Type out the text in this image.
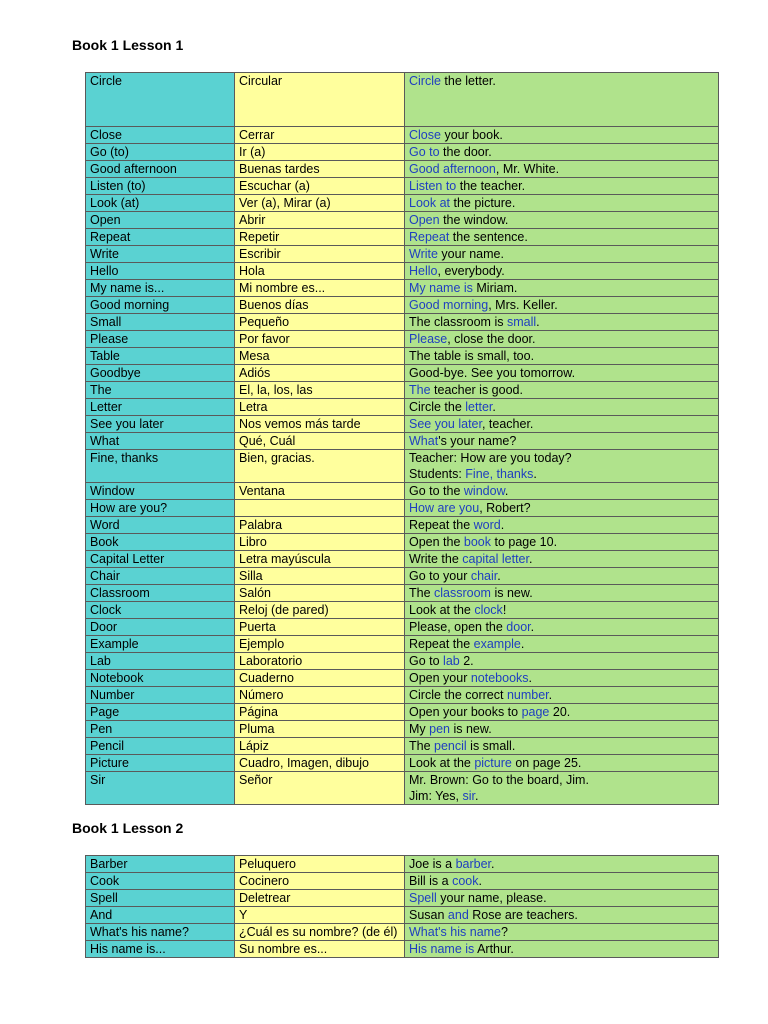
Book 1 Lesson 1
Circle	Circular	Circle the letter.
Close	Cerrar	Close your book.
Go (to)	Ir (a)	Go to the door.
Good afternoon	Buenas tardes	Good afternoon, Mr. White.
Listen (to)	Escuchar (a)	Listen to the teacher.
Look (at)	Ver (a), Mirar (a)	Look at the picture.
Open	Abrir	Open the window.
Repeat	Repetir	Repeat the sentence.
Write	Escribir	Write your name.
Hello	Hola	Hello, everybody.
My name is...	Mi nombre es...	My name is Miriam.
Good morning	Buenos días	Good morning, Mrs. Keller.
Small	Pequeño	The classroom is small.
Please	Por favor	Please, close the door.
Table	Mesa	The table is small, too.
Goodbye	Adiós	Good-bye. See you tomorrow.
The	El, la, los, las	The teacher is good.
Letter	Letra	Circle the letter.
See you later	Nos vemos más tarde	See you later, teacher.
What	Qué, Cuál	What's your name?
Fine, thanks	Bien, gracias.	Teacher: How are you today?
Students: Fine, thanks.
Window	Ventana	Go to the window.
How are you?		How are you, Robert?
Word	Palabra	Repeat the word.
Book	Libro	Open the book to page 10.
Capital Letter	Letra mayúscula	Write the capital letter.
Chair	Silla	Go to your chair.
Classroom	Salón	The classroom is new.
Clock	Reloj (de pared)	Look at the clock!
Door	Puerta	Please, open the door.
Example	Ejemplo	Repeat the example.
Lab	Laboratorio	Go to lab 2.
Notebook	Cuaderno	Open your notebooks.
Number	Número	Circle the correct number.
Page	Página	Open your books to page 20.
Pen	Pluma	My pen is new.
Pencil	Lápiz	The pencil is small.
Picture	Cuadro, Imagen, dibujo	Look at the picture on page 25.
Sir	Señor	Mr. Brown: Go to the board, Jim.
Jim: Yes, sir.
Book 1 Lesson 2
Barber	Peluquero	Joe is a barber.
Cook	Cocinero	Bill is a cook.
Spell	Deletrear	Spell your name, please.
And	Y	Susan and Rose are teachers.
What's his name?	¿Cuál es su nombre? (de él)	What's his name?
His name is...	Su nombre es...	His name is Arthur.
